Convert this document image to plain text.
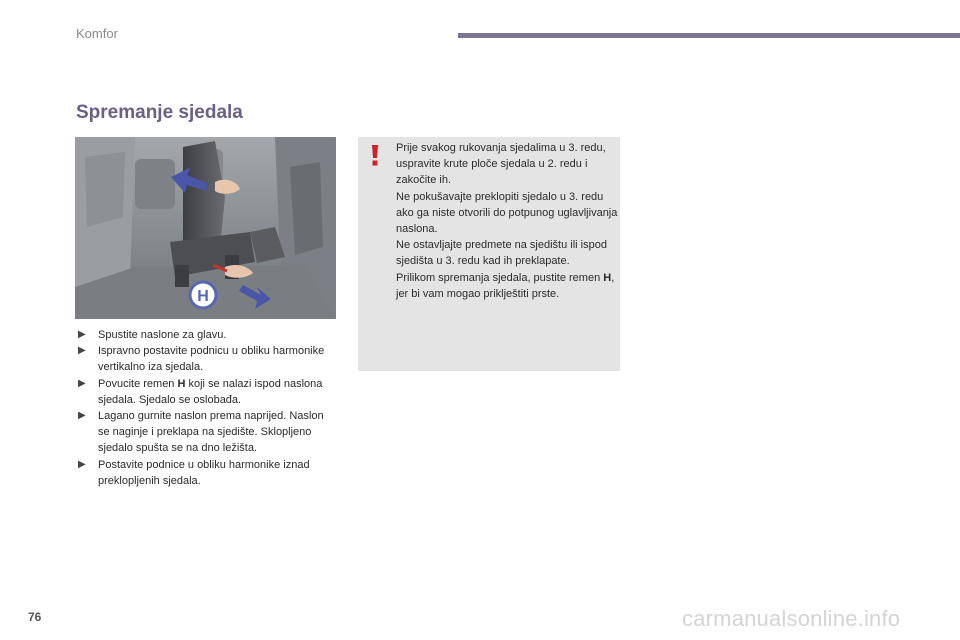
Komfor
Spremanje sjedala
H
▶ Spustite naslone za glavu.
▶ Ispravno postavite podnicu u obliku harmonike vertikalno iza sjedala.
▶ Povucite remen H koji se nalazi ispod naslona sjedala. Sjedalo se oslobađa.
▶ Lagano gurnite naslon prema naprijed. Naslon se naginje i preklapa na sjedište. Sklopljeno sjedalo spušta se na dno ležišta.
▶ Postavite podnice u obliku harmonike iznad preklopljenih sjedala.
Prije svakog rukovanja sjedalima u 3. redu, uspravite krute ploče sjedala u 2. redu i zakočite ih.
Ne pokušavajte preklopiti sjedalo u 3. redu ako ga niste otvorili do potpunog uglavljivanja naslona.
Ne ostavljajte predmete na sjedištu ili ispod sjedišta u 3. redu kad ih preklapate.
Prilikom spremanja sjedala, pustite remen H, jer bi vam mogao priklještiti prste.
76	carmanualsonline.info
